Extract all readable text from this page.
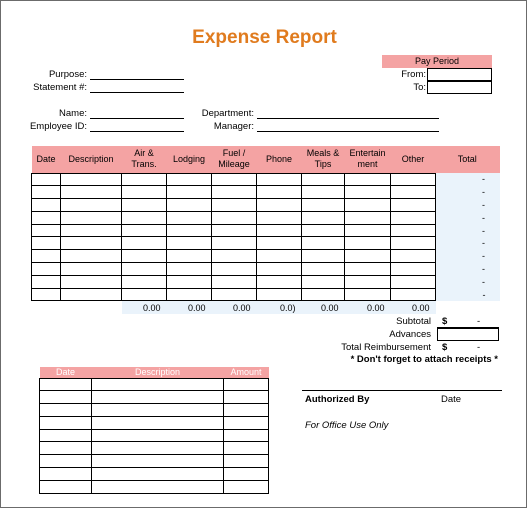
Expense Report
Purpose:
Statement #:
Name:
Employee ID:
Department:
Manager:
Pay Period
From:
To:
Date	Description	Air & Trans.	Lodging	Fuel / Mileage	Phone	Meals & Tips	Entertain ment	Other	Total
									-
									-
									-
									-
									-
									-
									-
									-
									-
									-
		0.00	0.00	0.00	0.0)	0.00	0.00	0.00	
Subtotal $	-
Advances
Total Reimbursement $	-
* Don't forget to attach receipts *
Date	Description	Amount

Authorized By	Date
For Office Use Only
